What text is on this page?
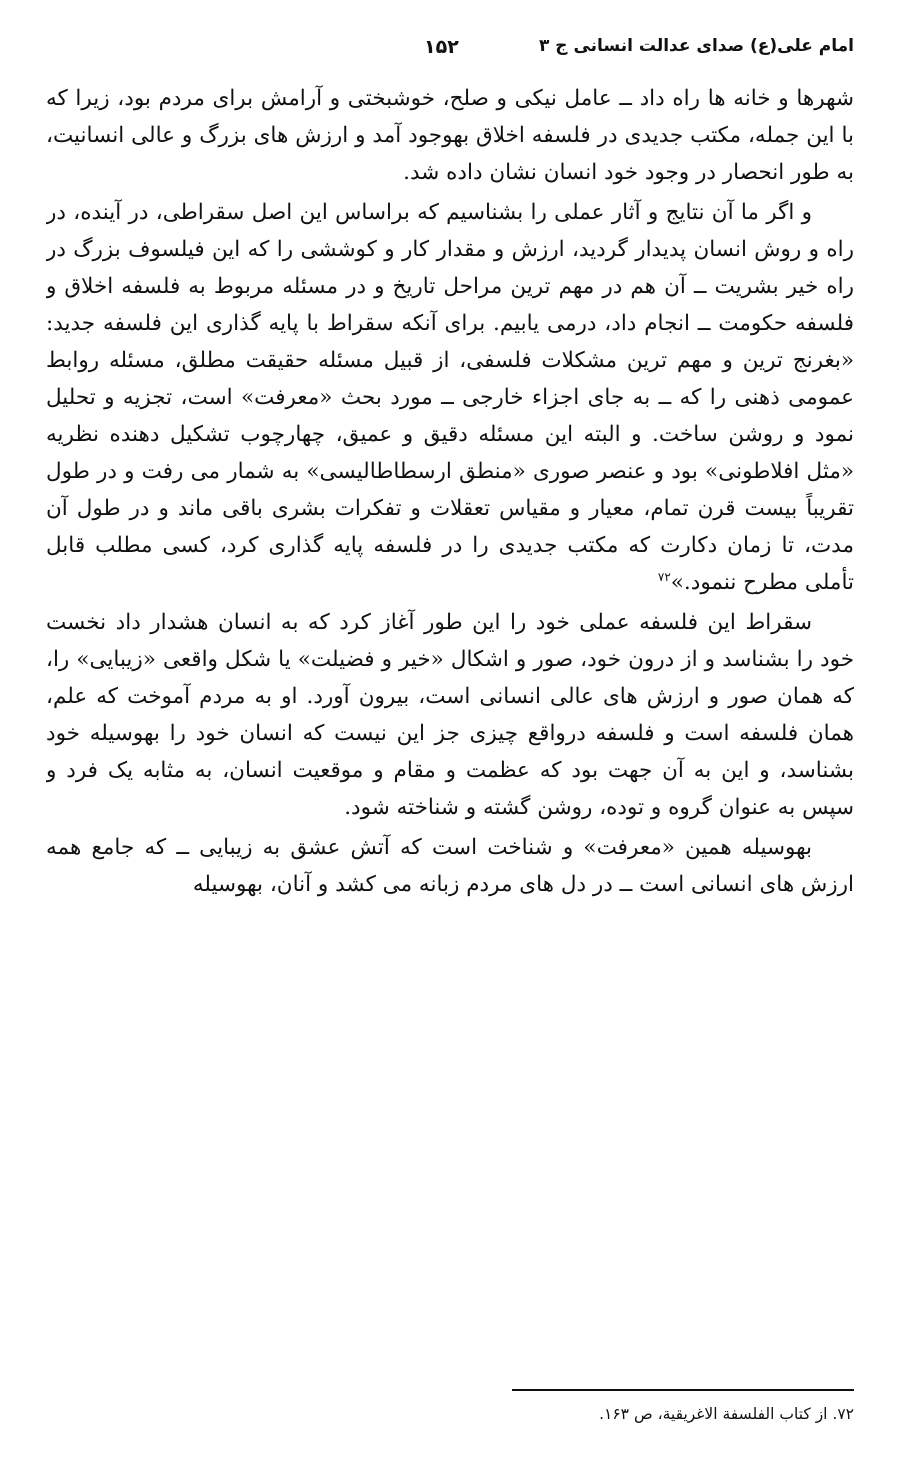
امام علی(ع) صدای عدالت انسانی ج ۳
۱۵۲

شهرها و خانه ها راه داد ــ عامل نیکی و صلح، خوشبختی و آرامش برای مردم بود، زیرا که با این جمله، مکتب جدیدی در فلسفه اخلاق بهوجود آمد و ارزش های بزرگ و عالی انسانیت، به طور انحصار در وجود خود انسان نشان داده شد.

و اگر ما آن نتایج و آثار عملی را بشناسیم که براساس این اصل سقراطی، در آینده، در راه و روش انسان پدیدار گردید، ارزش و مقدار کار و کوششی را که این فیلسوف بزرگ در راه خیر بشریت ــ آن هم در مهم ترین مراحل تاریخ و در مسئله مربوط به فلسفه اخلاق و فلسفه حکومت ــ انجام داد، درمی یابیم. برای آنکه سقراط با پایه گذاری این فلسفه جدید: «بغرنج ترین و مهم ترین مشکلات فلسفی، از قبیل مسئله حقیقت مطلق، مسئله روابط عمومی ذهنی را که ــ به جای اجزاء خارجی ــ مورد بحث «معرفت» است، تجزیه و تحلیل نمود و روشن ساخت. و البته این مسئله دقیق و عمیق، چهارچوب تشکیل دهنده نظریه «مثل افلاطونی» بود و عنصر صوری «منطق ارسطاطالیسی» به شمار می رفت و در طول تقریباً بیست قرن تمام، معیار و مقیاس تعقلات و تفکرات بشری باقی ماند و در طول آن مدت، تا زمان دکارت که مکتب جدیدی را در فلسفه پایه گذاری کرد، کسی مطلب قابل تأملی مطرح ننمود.»$^{۷۲}$

سقراط این فلسفه عملی خود را این طور آغاز کرد که به انسان هشدار داد نخست خود را بشناسد و از درون خود، صور و اشکال «خیر و فضیلت» یا شکل واقعی «زیبایی» را، که همان صور و ارزش های عالی انسانی است، بیرون آورد. او به مردم آموخت که علم، همان فلسفه است و فلسفه درواقع چیزی جز این نیست که انسان خود را بهوسیله خود بشناسد، و این به آن جهت بود که عظمت و مقام و موقعیت انسان، به مثابه یک فرد و سپس به عنوان گروه و توده، روشن گشته و شناخته شود.

بهوسیله همین «معرفت» و شناخت است که آتش عشق به زیبایی ــ که جامع همه ارزش های انسانی است ــ در دل های مردم زبانه می کشد و آنان، بهوسیله

۷۲. از کتاب الفلسفة الاغریقیة، ص ۱۶۳.
